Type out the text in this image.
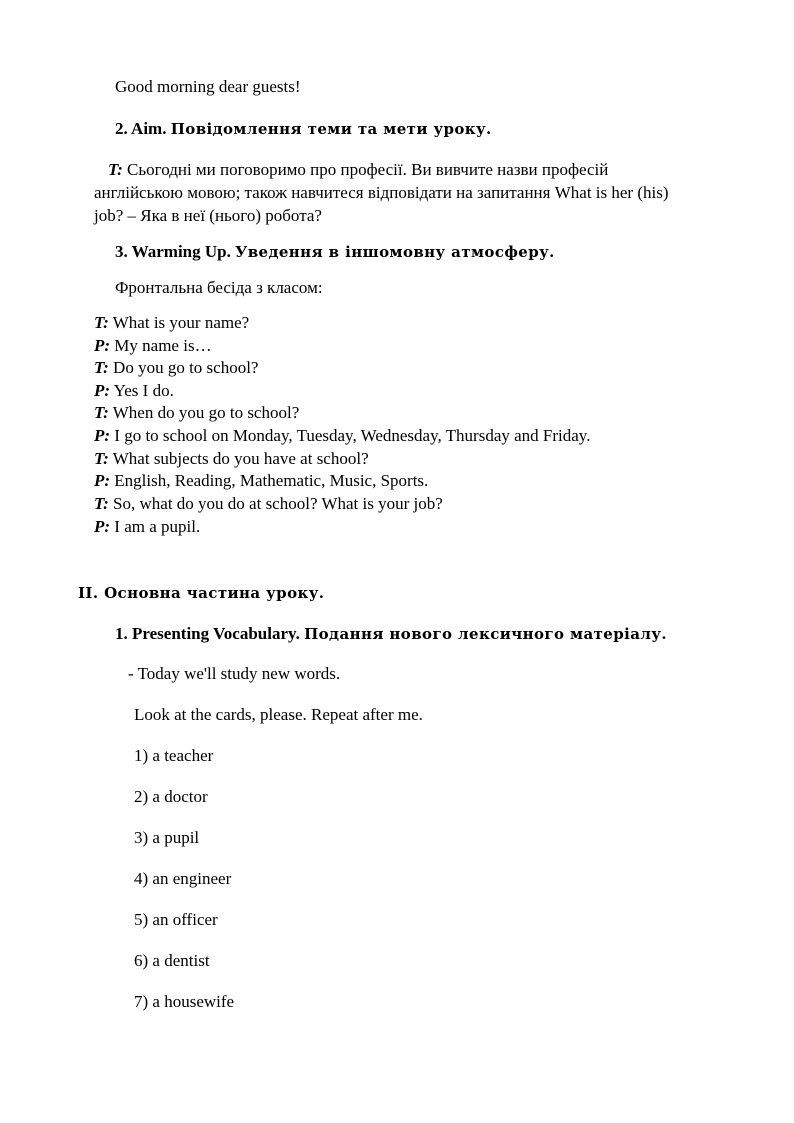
Good morning dear guests!
2. Aim. Повідомлення теми та мети уроку.
T: Сьогодні ми поговоримо про професії. Ви вивчите назви професій
англійською мовою; також навчитеся відповідати на запитання What is her (his)
job? – Яка в неї (нього) робота?
3. Warming Up. Уведення в іншомовну атмосферу.
Фронтальна бесіда з класом:
T: What is your name?
P: My name is…
T: Do you go to school?
P: Yes I do.
T: When do you go to school?
P: I go to school on Monday, Tuesday, Wednesday, Thursday and Friday.
T: What subjects do you have at school?
P: English, Reading, Mathematic, Music, Sports.
T: So, what do you do at school? What is your job?
P: I am a pupil.
II. Основна частина уроку.
1. Presenting Vocabulary. Подання нового лексичного матеріалу.
- Today we'll study new words.
Look at the cards, please. Repeat after me.
1) a teacher
2) a doctor
3) a pupil
4) an engineer
5) an officer
6) a dentist
7) a housewife
